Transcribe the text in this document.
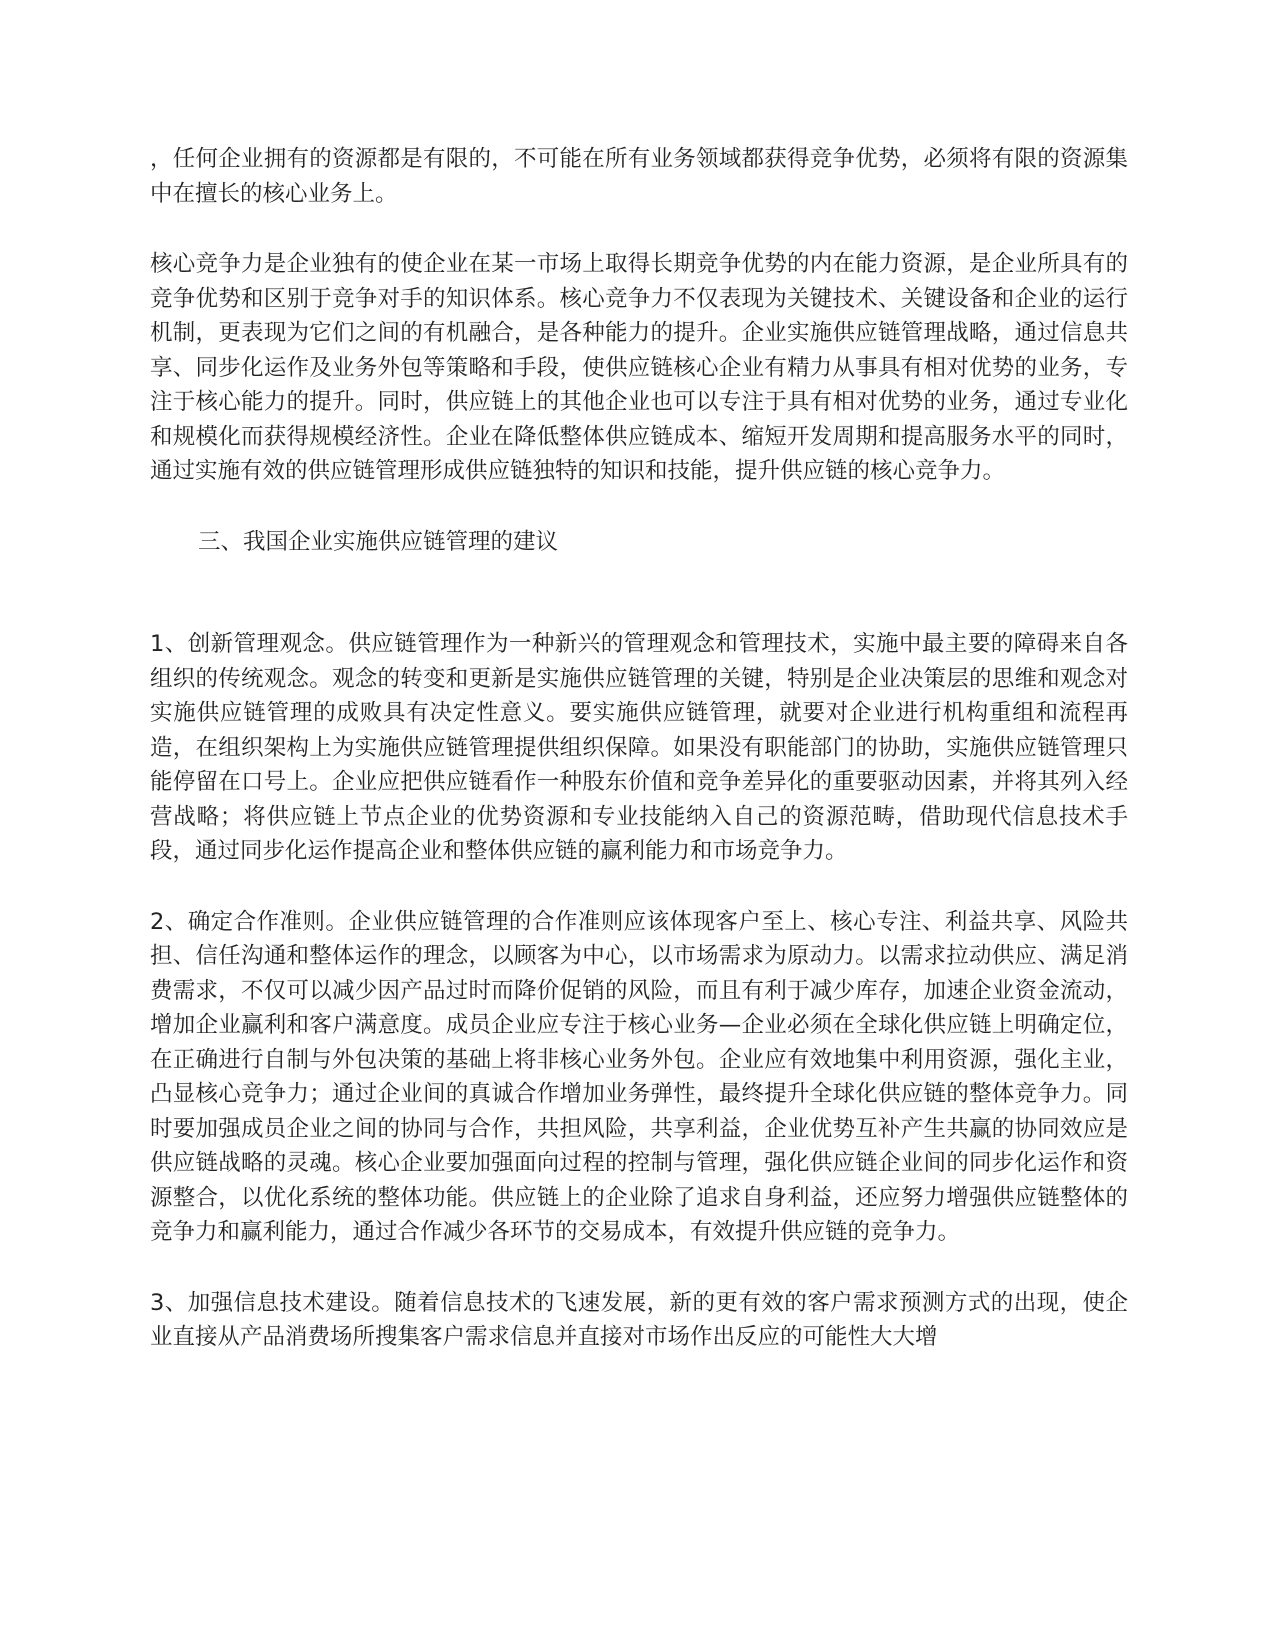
，任何企业拥有的资源都是有限的，不可能在所有业务领域都获得竞争优势，必须将有限的资源集中在擅长的核心业务上。

核心竞争力是企业独有的使企业在某一市场上取得长期竞争优势的内在能力资源，是企业所具有的竞争优势和区别于竞争对手的知识体系。核心竞争力不仅表现为关键技术、关键设备和企业的运行机制，更表现为它们之间的有机融合，是各种能力的提升。企业实施供应链管理战略，通过信息共享、同步化运作及业务外包等策略和手段，使供应链核心企业有精力从事具有相对优势的业务，专注于核心能力的提升。同时，供应链上的其他企业也可以专注于具有相对优势的业务，通过专业化和规模化而获得规模经济性。企业在降低整体供应链成本、缩短开发周期和提高服务水平的同时，通过实施有效的供应链管理形成供应链独特的知识和技能，提升供应链的核心竞争力。

三、我国企业实施供应链管理的建议

1、创新管理观念。供应链管理作为一种新兴的管理观念和管理技术，实施中最主要的障碍来自各组织的传统观念。观念的转变和更新是实施供应链管理的关键，特别是企业决策层的思维和观念对实施供应链管理的成败具有决定性意义。要实施供应链管理，就要对企业进行机构重组和流程再造，在组织架构上为实施供应链管理提供组织保障。如果没有职能部门的协助，实施供应链管理只能停留在口号上。企业应把供应链看作一种股东价值和竞争差异化的重要驱动因素，并将其列入经营战略；将供应链上节点企业的优势资源和专业技能纳入自己的资源范畴，借助现代信息技术手段，通过同步化运作提高企业和整体供应链的赢利能力和市场竞争力。

2、确定合作准则。企业供应链管理的合作准则应该体现客户至上、核心专注、利益共享、风险共担、信任沟通和整体运作的理念，以顾客为中心，以市场需求为原动力。以需求拉动供应、满足消费需求，不仅可以减少因产品过时而降价促销的风险，而且有利于减少库存，加速企业资金流动，增加企业赢利和客户满意度。成员企业应专注于核心业务—企业必须在全球化供应链上明确定位，在正确进行自制与外包决策的基础上将非核心业务外包。企业应有效地集中利用资源，强化主业，凸显核心竞争力；通过企业间的真诚合作增加业务弹性，最终提升全球化供应链的整体竞争力。同时要加强成员企业之间的协同与合作，共担风险，共享利益，企业优势互补产生共赢的协同效应是供应链战略的灵魂。核心企业要加强面向过程的控制与管理，强化供应链企业间的同步化运作和资源整合，以优化系统的整体功能。供应链上的企业除了追求自身利益，还应努力增强供应链整体的竞争力和赢利能力，通过合作减少各环节的交易成本，有效提升供应链的竞争力。

3、加强信息技术建设。随着信息技术的飞速发展，新的更有效的客户需求预测方式的出现，使企业直接从产品消费场所搜集客户需求信息并直接对市场作出反应的可能性大大增
